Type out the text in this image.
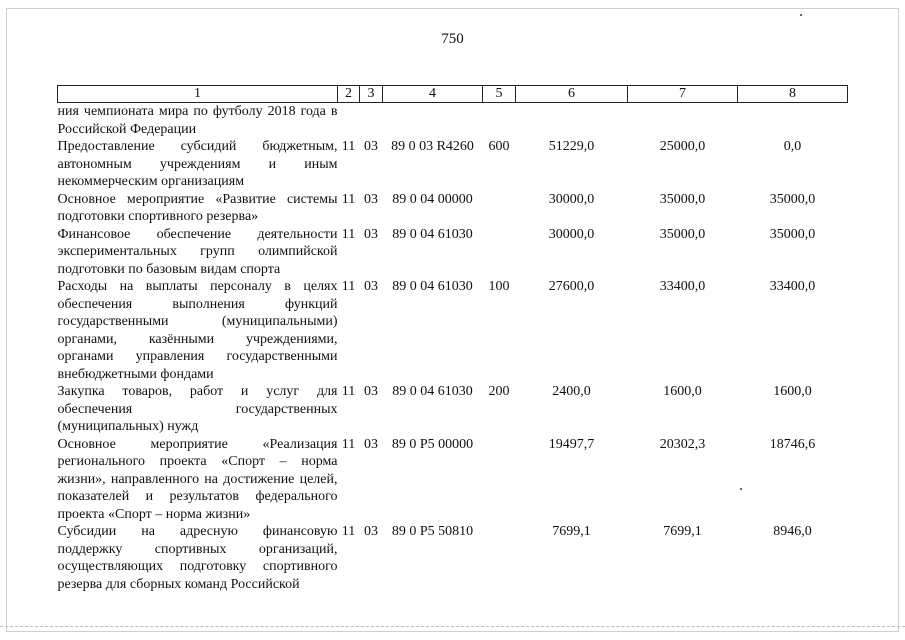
750
1	2	3	4	5	6	7	8
ния чемпионата мира по футболу 2018 года в Российской Федерации							
Предоставление субсидий бюджетным, автономным учреждениям и иным некоммерческим организациям	11	03	89 0 03 R4260	600	51229,0	25000,0	0,0
Основное мероприятие «Развитие системы подготовки спортивного резерва»	11	03	89 0 04 00000		30000,0	35000,0	35000,0
Финансовое обеспечение деятельности экспериментальных групп олимпийской подготовки по базовым видам спорта	11	03	89 0 04 61030		30000,0	35000,0	35000,0
Расходы на выплаты персоналу в целях обеспечения выполнения функций государственными (муниципальными) органами, казёнными учреждениями, органами управления государственными внебюджетными фондами	11	03	89 0 04 61030	100	27600,0	33400,0	33400,0
Закупка товаров, работ и услуг для обеспечения государственных (муниципальных) нужд	11	03	89 0 04 61030	200	2400,0	1600,0	1600,0
Основное мероприятие «Реализация регионального проекта «Спорт – норма жизни», направленного на достижение целей, показателей и результатов федерального проекта «Спорт – норма жизни»	11	03	89 0 P5 00000		19497,7	20302,3	18746,6
Субсидии на адресную финансовую поддержку спортивных организаций, осуществляющих подготовку спортивного резерва для сборных команд Российской	11	03	89 0 P5 50810		7699,1	7699,1	8946,0
